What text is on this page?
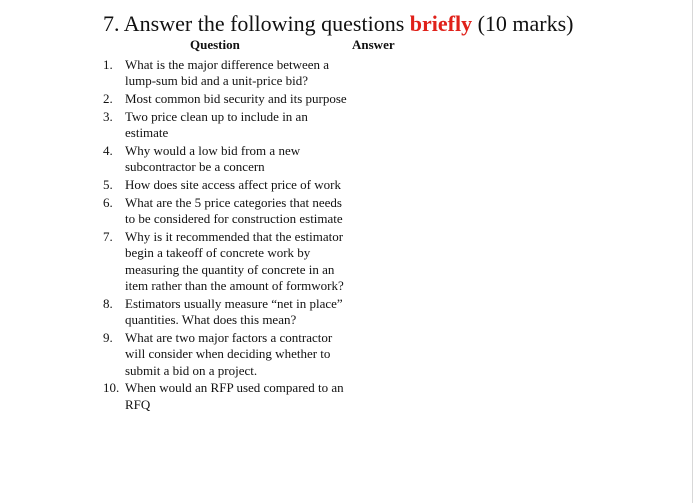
7. Answer the following questions briefly (10 marks)
Question	Answer
1. What is the major difference between a lump-sum bid and a unit-price bid?
2. Most common bid security and its purpose
3. Two price clean up to include in an estimate
4. Why would a low bid from a new subcontractor be a concern
5. How does site access affect price of work
6. What are the 5 price categories that needs to be considered for construction estimate
7. Why is it recommended that the estimator begin a takeoff of concrete work by measuring the quantity of concrete in an item rather than the amount of formwork?
8. Estimators usually measure “net in place” quantities. What does this mean?
9. What are two major factors a contractor will consider when deciding whether to submit a bid on a project.
10. When would an RFP used compared to an RFQ
